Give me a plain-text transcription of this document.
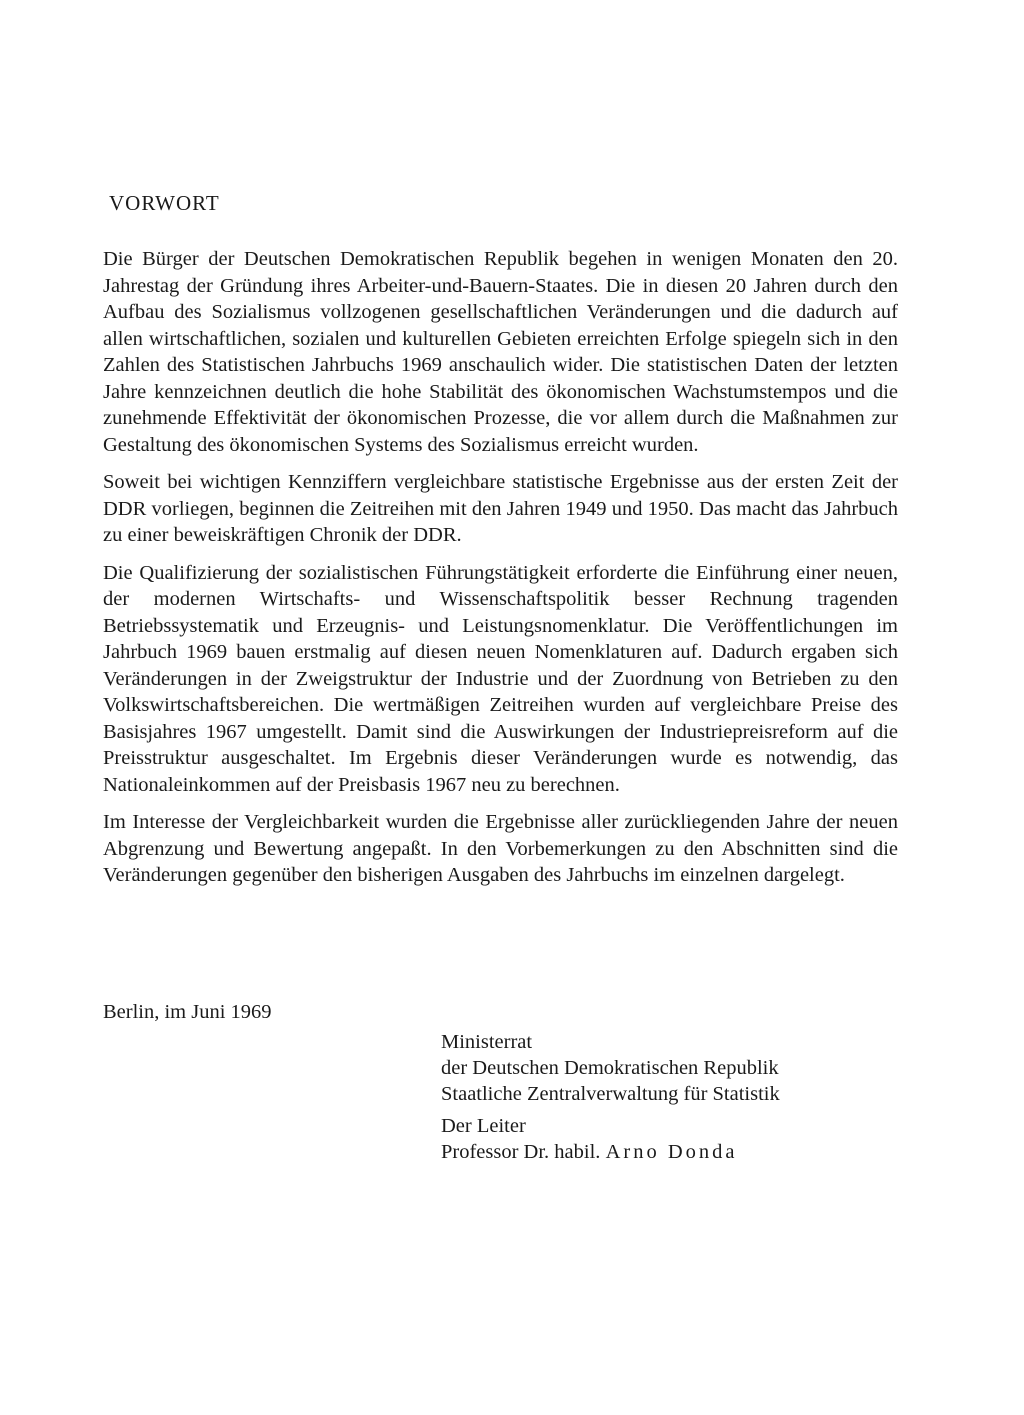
VORWORT

Die Bürger der Deutschen Demokratischen Republik begehen in wenigen Monaten den 20. Jahrestag der Gründung ihres Arbeiter-und-Bauern-Staates. Die in diesen 20 Jahren durch den Aufbau des Sozialismus vollzogenen gesellschaftlichen Veränderungen und die dadurch auf allen wirtschaftlichen, sozialen und kulturellen Gebieten erreichten Erfolge spiegeln sich in den Zahlen des Statistischen Jahrbuchs 1969 anschaulich wider. Die statistischen Daten der letzten Jahre kennzeichnen deutlich die hohe Stabilität des ökonomischen Wachstumstempos und die zunehmende Effektivität der ökonomischen Prozesse, die vor allem durch die Maßnahmen zur Gestaltung des ökonomischen Systems des Sozialismus erreicht wurden.

Soweit bei wichtigen Kennziffern vergleichbare statistische Ergebnisse aus der ersten Zeit der DDR vorliegen, beginnen die Zeitreihen mit den Jahren 1949 und 1950. Das macht das Jahrbuch zu einer beweiskräftigen Chronik der DDR.

Die Qualifizierung der sozialistischen Führungstätigkeit erforderte die Einführung einer neuen, der modernen Wirtschafts- und Wissenschaftspolitik besser Rechnung tragenden Betriebssystematik und Erzeugnis- und Leistungsnomenklatur. Die Veröffentlichungen im Jahrbuch 1969 bauen erstmalig auf diesen neuen Nomenklaturen auf. Dadurch ergaben sich Veränderungen in der Zweigstruktur der Industrie und der Zuordnung von Betrieben zu den Volkswirtschaftsbereichen. Die wertmäßigen Zeitreihen wurden auf vergleichbare Preise des Basisjahres 1967 umgestellt. Damit sind die Auswirkungen der Industriepreisreform auf die Preisstruktur ausgeschaltet. Im Ergebnis dieser Veränderungen wurde es notwendig, das Nationaleinkommen auf der Preisbasis 1967 neu zu berechnen.

Im Interesse der Vergleichbarkeit wurden die Ergebnisse aller zurückliegenden Jahre der neuen Abgrenzung und Bewertung angepaßt. In den Vorbemerkungen zu den Abschnitten sind die Veränderungen gegenüber den bisherigen Ausgaben des Jahrbuchs im einzelnen dargelegt.

Berlin, im Juni 1969

Ministerrat
der Deutschen Demokratischen Republik
Staatliche Zentralverwaltung für Statistik
Der Leiter
Professor Dr. habil. Arno Donda
